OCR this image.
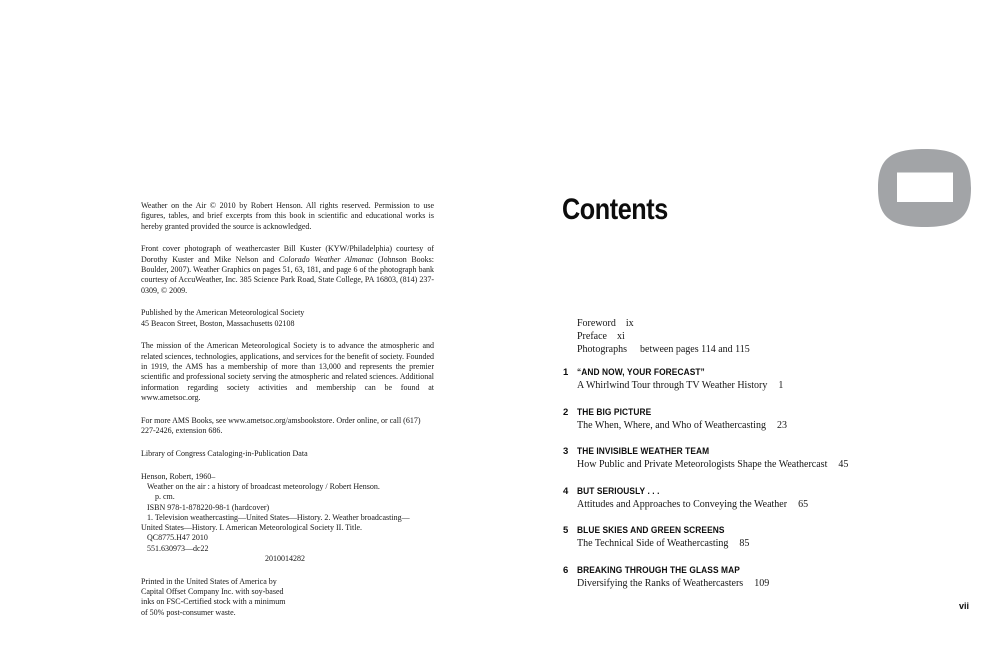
Weather on the Air © 2010 by Robert Henson. All rights reserved. Permission to use figures, tables, and brief excerpts from this book in scientific and educational works is hereby granted provided the source is acknowledged.

Front cover photograph of weathercaster Bill Kuster (KYW/Philadelphia) courtesy of Dorothy Kuster and Mike Nelson and Colorado Weather Almanac (Johnson Books: Boulder, 2007). Weather Graphics on pages 51, 63, 181, and page 6 of the photograph bank courtesy of AccuWeather, Inc. 385 Science Park Road, State College, PA 16803, (814) 237-0309, © 2009.

Published by the American Meteorological Society
45 Beacon Street, Boston, Massachusetts 02108

The mission of the American Meteorological Society is to advance the atmospheric and related sciences, technologies, applications, and services for the benefit of society. Founded in 1919, the AMS has a membership of more than 13,000 and represents the premier scientific and professional society serving the atmospheric and related sciences. Additional information regarding society activities and membership can be found at www.ametsoc.org.

For more AMS Books, see www.ametsoc.org/amsbookstore. Order online, or call (617) 227-2426, extension 686.

Library of Congress Cataloging-in-Publication Data

Henson, Robert, 1960–
Weather on the air : a history of broadcast meteorology / Robert Henson.
p. cm.
ISBN 978-1-878220-98-1 (hardcover)
1. Television weathercasting—United States—History. 2. Weather broadcasting—
United States—History. I. American Meteorological Society II. Title.
QC8775.H47 2010
551.630973—dc22
2010014282
Printed in the United States of America by
Capital Offset Company Inc. with soy-based
inks on FSC-Certified stock with a minimum
of 50% post-consumer waste.
Contents
Foreword ix
Preface xi
Photographs between pages 114 and 115
1 “AND NOW, YOUR FORECAST”
A Whirlwind Tour through TV Weather History 1
2 THE BIG PICTURE
The When, Where, and Who of Weathercasting 23
3 THE INVISIBLE WEATHER TEAM
How Public and Private Meteorologists Shape the Weathercast 45
4 BUT SERIOUSLY . . .
Attitudes and Approaches to Conveying the Weather 65
5 BLUE SKIES AND GREEN SCREENS
The Technical Side of Weathercasting 85
6 BREAKING THROUGH THE GLASS MAP
Diversifying the Ranks of Weathercasters 109
vii
